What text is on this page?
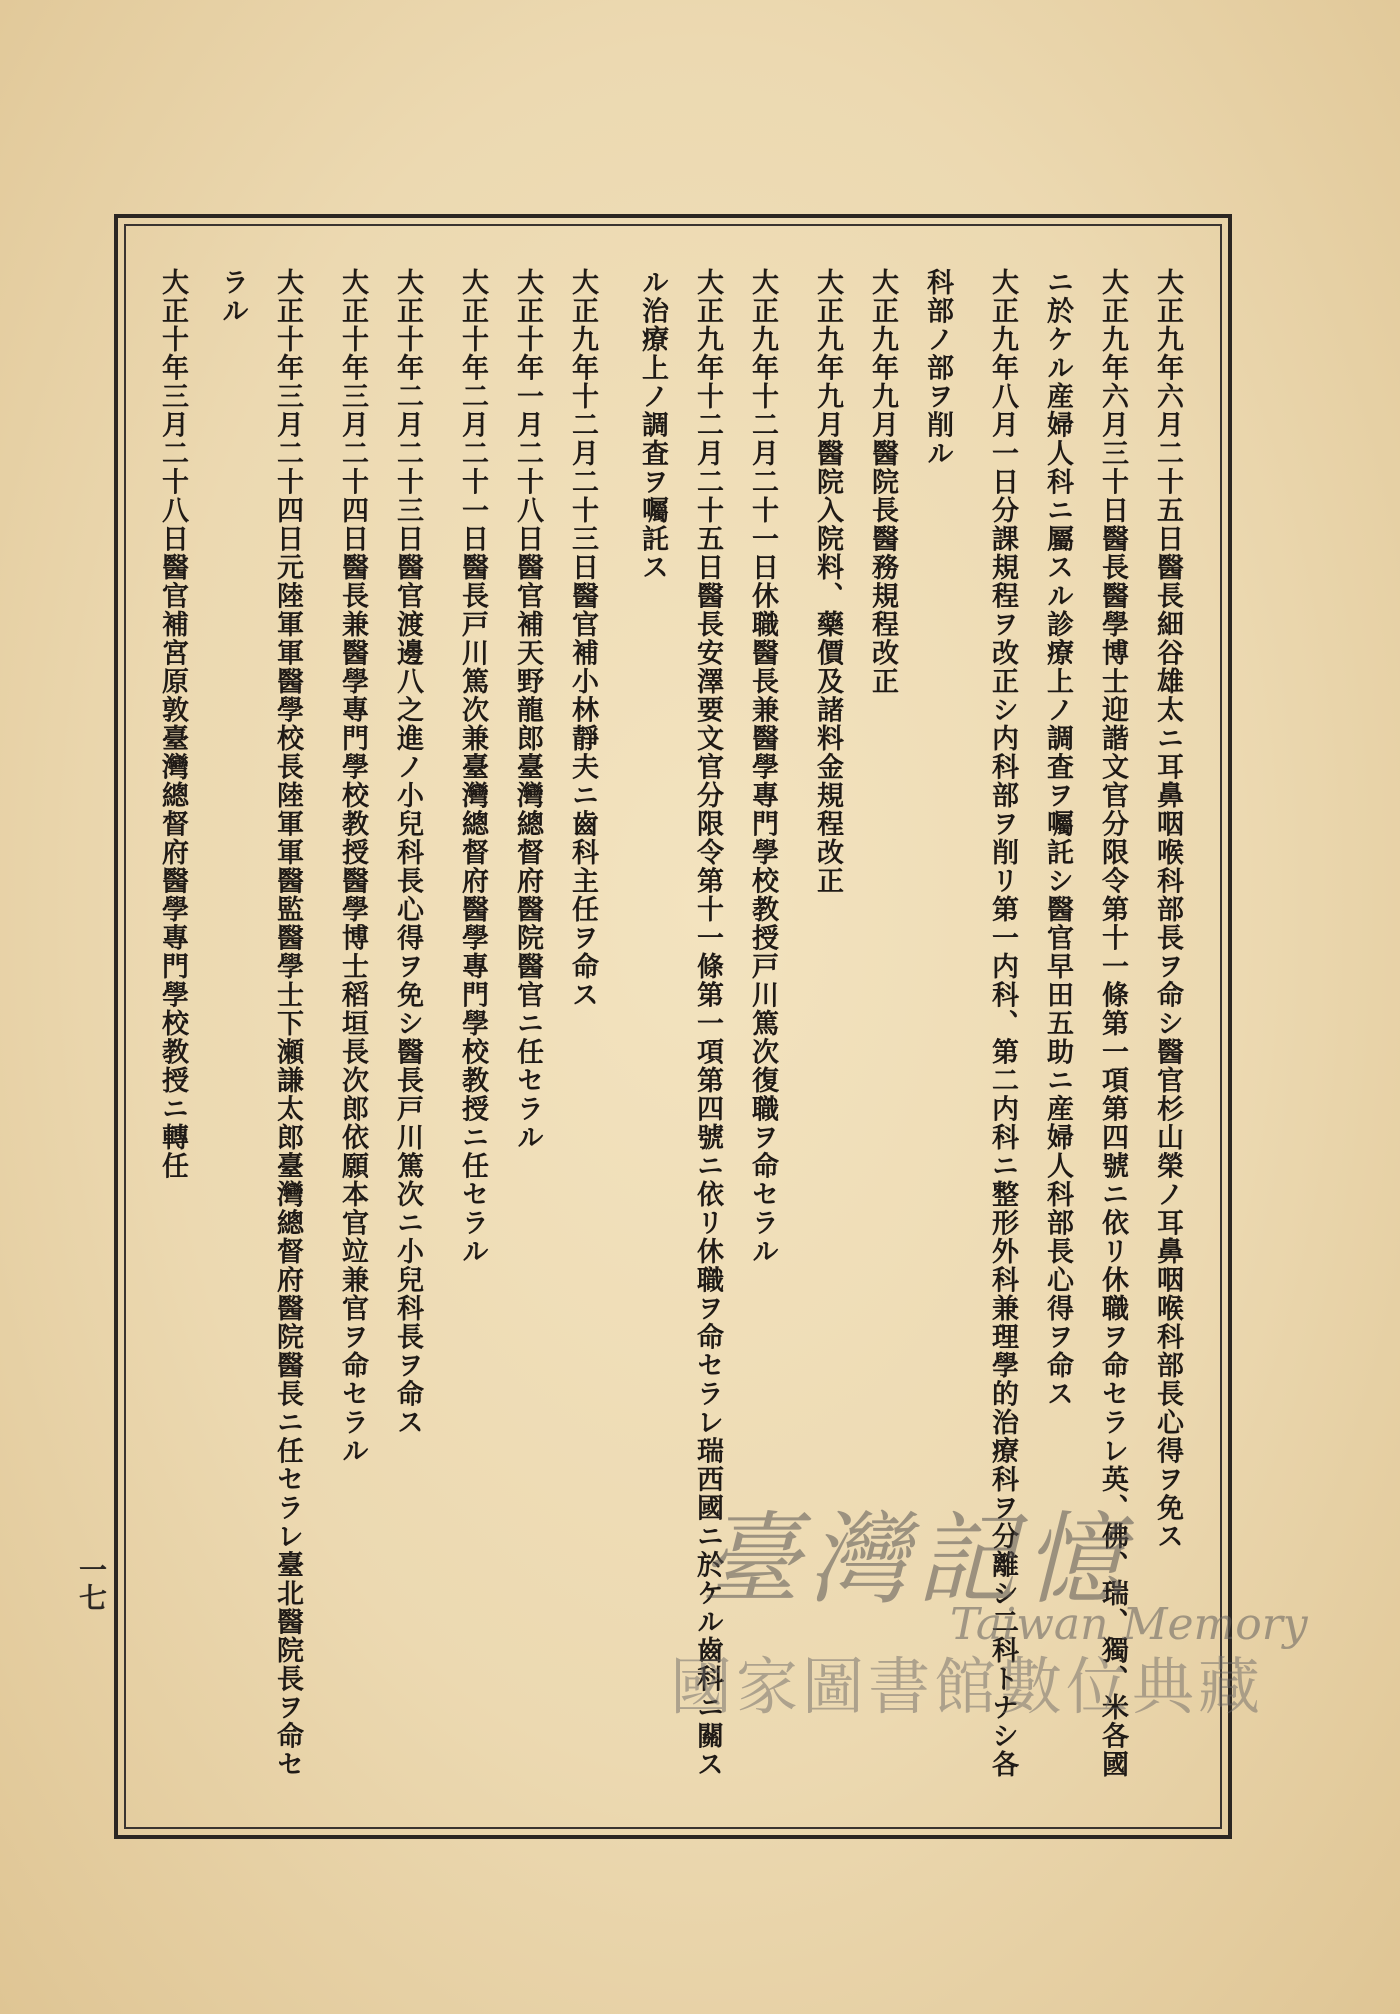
大正九年六月二十五日醫長細谷雄太ニ耳鼻咽喉科部長ヲ命シ醫官杉山榮ノ耳鼻咽喉科部長心得ヲ免ス
大正九年六月三十日醫長醫學博士迎諧文官分限令第十一條第一項第四號ニ依リ休職ヲ命セラレ英、佛、瑞、獨、米各國
ニ於ケル産婦人科ニ屬スル診療上ノ調査ヲ囑託シ醫官早田五助ニ産婦人科部長心得ヲ命ス
大正九年八月一日分課規程ヲ改正シ内科部ヲ削リ第一内科、第二内科ニ整形外科兼理學的治療科ヲ分離シ二科トナシ各
科部ノ部ヲ削ル
大正九年九月醫院長醫務規程改正
大正九年九月醫院入院料、藥價及諸料金規程改正
大正九年十二月二十一日休職醫長兼醫學專門學校教授戸川篤次復職ヲ命セラル
大正九年十二月二十五日醫長安澤要文官分限令第十一條第一項第四號ニ依リ休職ヲ命セラレ瑞西國ニ於ケル齒科ニ關ス
ル治療上ノ調査ヲ囑託ス
大正九年十二月二十三日醫官補小林靜夫ニ齒科主任ヲ命ス
大正十年一月二十八日醫官補天野龍郎臺灣總督府醫院醫官ニ任セラル
大正十年二月二十一日醫長戸川篤次兼臺灣總督府醫學專門學校教授ニ任セラル
大正十年二月二十三日醫官渡邊八之進ノ小兒科長心得ヲ免シ醫長戸川篤次ニ小兒科長ヲ命ス
大正十年三月二十四日醫長兼醫學專門學校教授醫學博士稻垣長次郎依願本官竝兼官ヲ命セラル
大正十年三月二十四日元陸軍軍醫學校長陸軍軍醫監醫學士下瀬謙太郎臺灣總督府醫院醫長ニ任セラレ臺北醫院長ヲ命セ
ラル
大正十年三月二十八日醫官補宮原敦臺灣總督府醫學專門學校教授ニ轉任
一七	臺灣記憶
Taiwan Memory
國家圖書館數位典藏
